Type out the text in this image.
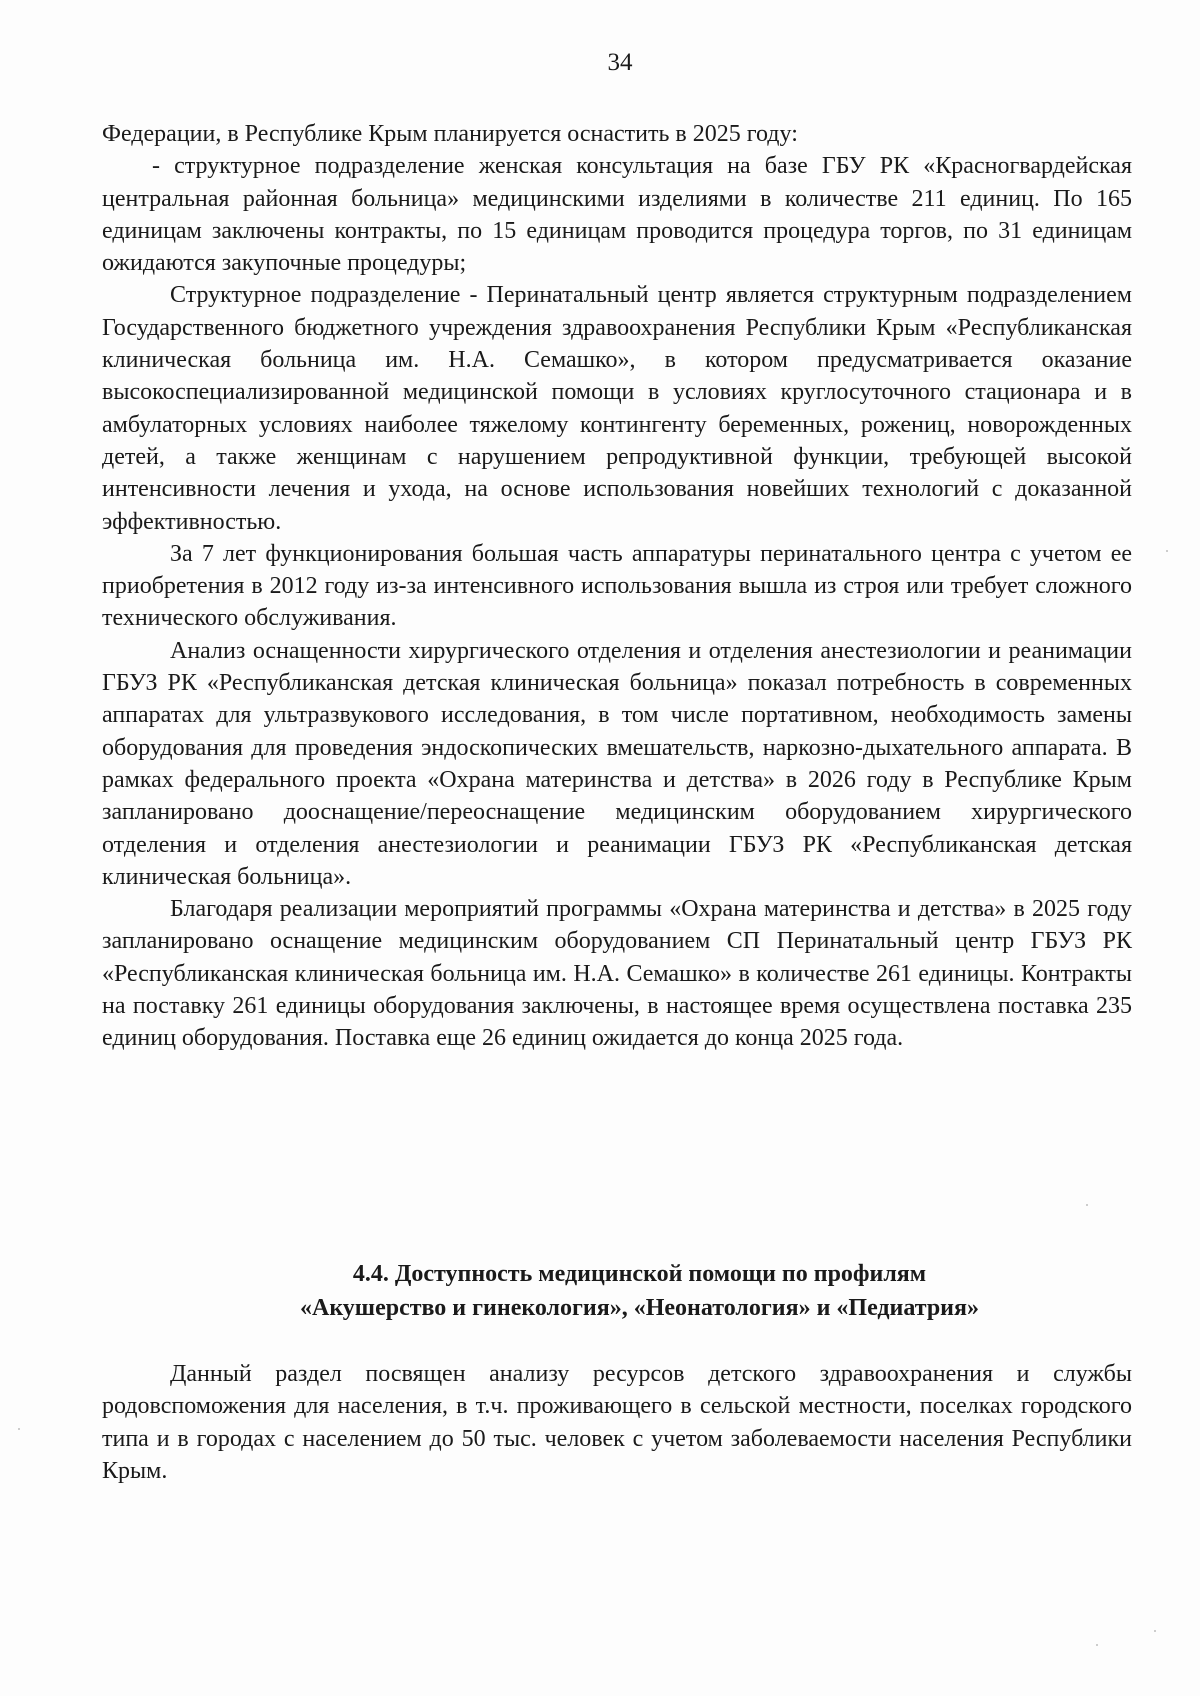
34

Федерации, в Республике Крым планируется оснастить в 2025 году:

- структурное подразделение женская консультация на базе ГБУ РК «Красногвардейская центральная районная больница» медицинскими изделиями в количестве 211 единиц. По 165 единицам заключены контракты, по 15 единицам проводится процедура торгов, по 31 единицам ожидаются закупочные процедуры;

Структурное подразделение - Перинатальный центр является структурным подразделением Государственного бюджетного учреждения здравоохранения Республики Крым «Республиканская клиническая больница им. Н.А. Семашко», в котором предусматривается оказание высокоспециализированной медицинской помощи в условиях круглосуточного стационара и в амбулаторных условиях наиболее тяжелому контингенту беременных, рожениц, новорожденных детей, а также женщинам с нарушением репродуктивной функции, требующей высокой интенсивности лечения и ухода, на основе использования новейших технологий с доказанной эффективностью.

За 7 лет функционирования большая часть аппаратуры перинатального центра с учетом ее приобретения в 2012 году из-за интенсивного использования вышла из строя или требует сложного технического обслуживания.

Анализ оснащенности хирургического отделения и отделения анестезиологии и реанимации ГБУЗ РК «Республиканская детская клиническая больница» показал потребность в современных аппаратах для ультразвукового исследования, в том числе портативном, необходимость замены оборудования для проведения эндоскопических вмешательств, наркозно-дыхательного аппарата. В рамках федерального проекта «Охрана материнства и детства» в 2026 году в Республике Крым запланировано дооснащение/переоснащение медицинским оборудованием хирургического отделения и отделения анестезиологии и реанимации ГБУЗ РК «Республиканская детская клиническая больница».

Благодаря реализации мероприятий программы «Охрана материнства и детства» в 2025 году запланировано оснащение медицинским оборудованием СП Перинатальный центр ГБУЗ РК «Республиканская клиническая больница им. Н.А. Семашко» в количестве 261 единицы. Контракты на поставку 261 единицы оборудования заключены, в настоящее время осуществлена поставка 235 единиц оборудования. Поставка еще 26 единиц ожидается до конца 2025 года.

4.4. Доступность медицинской помощи по профилям
«Акушерство и гинекология», «Неонатология» и «Педиатрия»

Данный раздел посвящен анализу ресурсов детского здравоохранения и службы родовспоможения для населения, в т.ч. проживающего в сельской местности, поселках городского типа и в городах с населением до 50 тыс. человек с учетом заболеваемости населения Республики Крым.
